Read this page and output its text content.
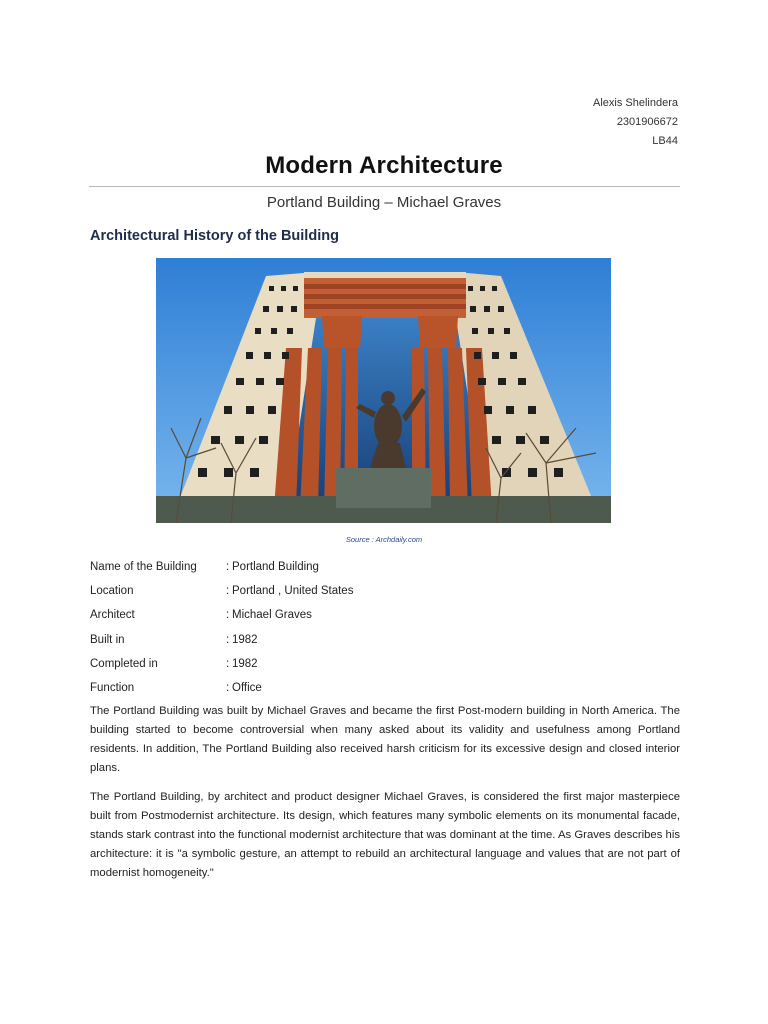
Alexis Shelindera
2301906672
LB44
Modern Architecture
Portland Building – Michael Graves
Architectural History of the Building
Source : Archdaily.com
Name of the Building	: Portland Building
Location	: Portland , United States
Architect	: Michael Graves
Built in	: 1982
Completed in	: 1982
Function	: Office

The Portland Building was built by Michael Graves and became the first Post-modern building in North America. The building started to become controversial when many asked about its validity and usefulness among Portland residents. In addition, The Portland Building also received harsh criticism for its excessive design and closed interior plans.

The Portland Building, by architect and product designer Michael Graves, is considered the first major masterpiece built from Postmodernist architecture. Its design, which features many symbolic elements on its monumental facade, stands stark contrast into the functional modernist architecture that was dominant at the time. As Graves describes his architecture: it is "a symbolic gesture, an attempt to rebuild an architectural language and values that are not part of modernist homogeneity."
